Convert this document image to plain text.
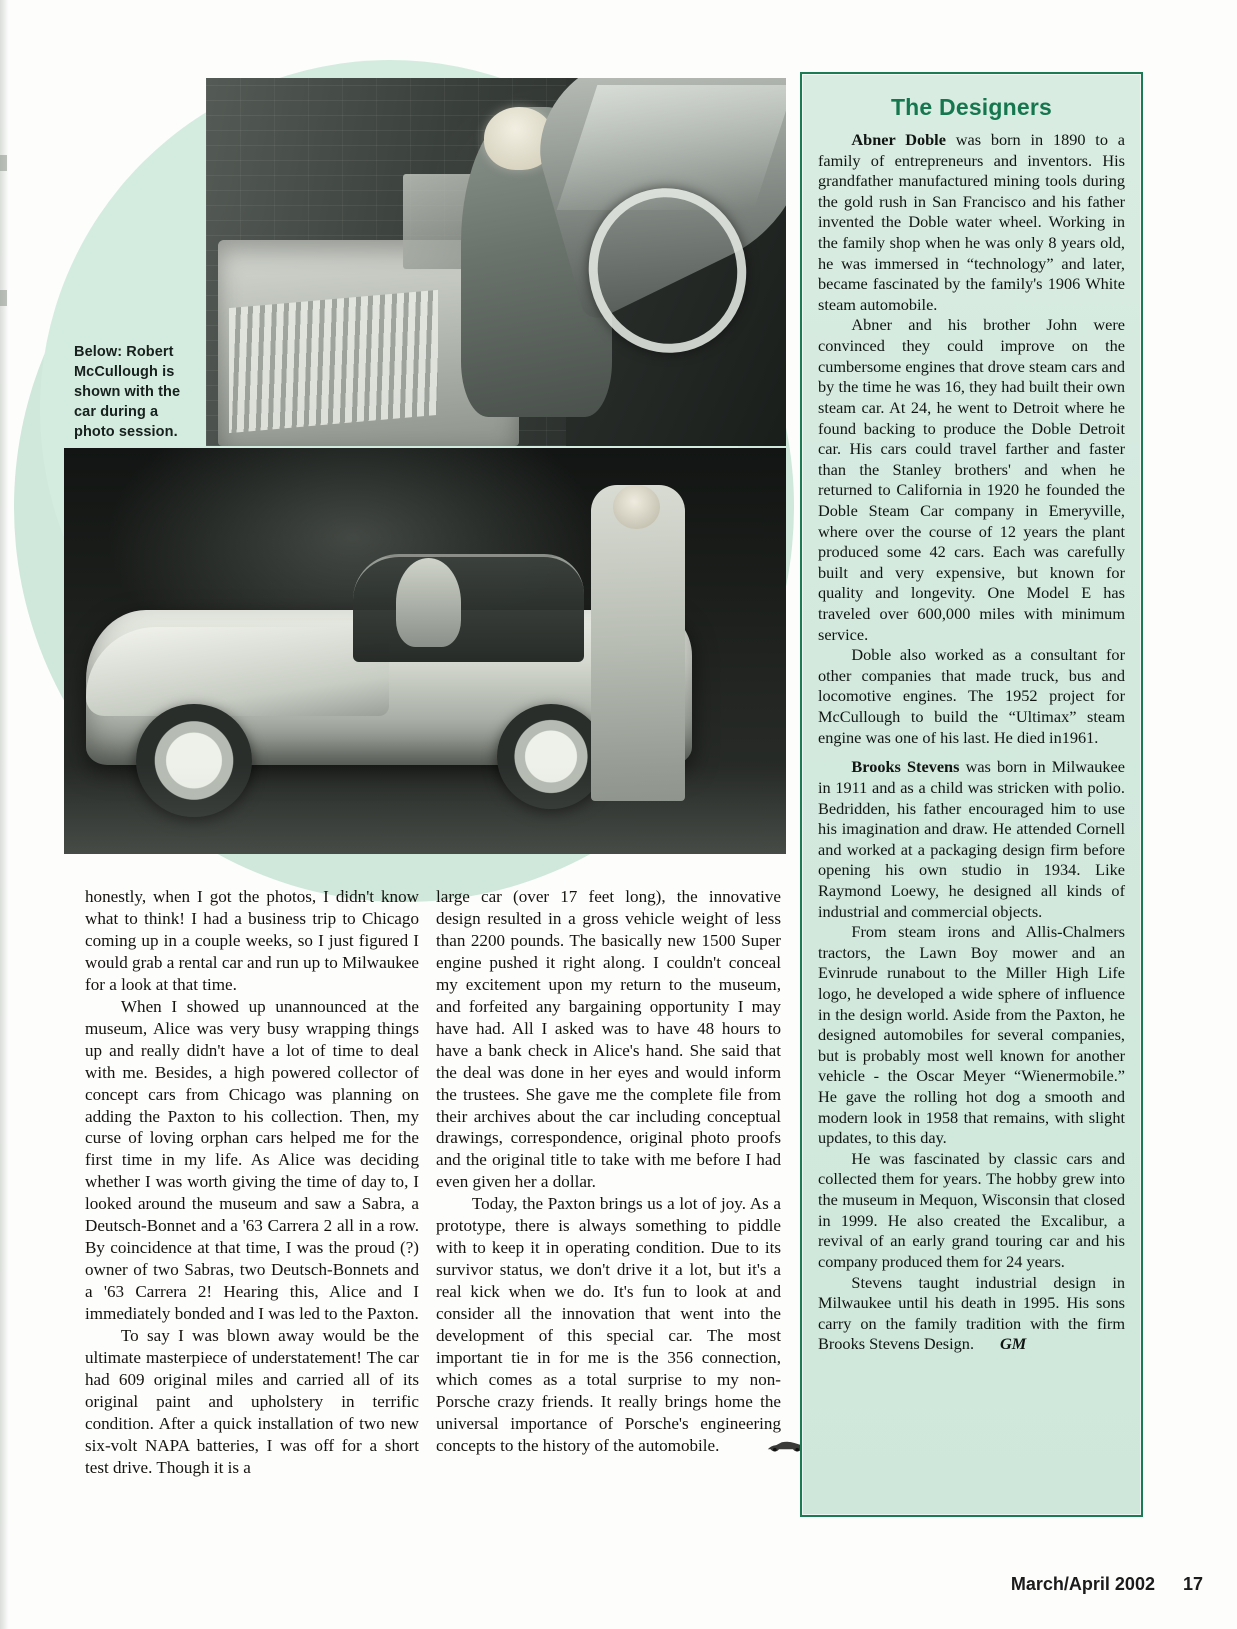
Below: Robert McCullough is shown with the car during a photo session.

honestly, when I got the photos, I didn't know what to think! I had a business trip to Chicago coming up in a couple weeks, so I just figured I would grab a rental car and run up to Milwaukee for a look at that time.

When I showed up unannounced at the museum, Alice was very busy wrapping things up and really didn't have a lot of time to deal with me. Besides, a high powered collector of concept cars from Chicago was planning on adding the Paxton to his collection. Then, my curse of loving orphan cars helped me for the first time in my life. As Alice was deciding whether I was worth giving the time of day to, I looked around the museum and saw a Sabra, a Deutsch-Bonnet and a '63 Carrera 2 all in a row. By coincidence at that time, I was the proud (?) owner of two Sabras, two Deutsch-Bonnets and a '63 Carrera 2! Hearing this, Alice and I immediately bonded and I was led to the Paxton.

To say I was blown away would be the ultimate masterpiece of understatement! The car had 609 original miles and carried all of its original paint and upholstery in terrific condition. After a quick installation of two new six-volt NAPA batteries, I was off for a short test drive. Though it is a

large car (over 17 feet long), the innovative design resulted in a gross vehicle weight of less than 2200 pounds. The basically new 1500 Super engine pushed it right along. I couldn't conceal my excitement upon my return to the museum, and forfeited any bargaining opportunity I may have had. All I asked was to have 48 hours to have a bank check in Alice's hand. She said that the deal was done in her eyes and would inform the trustees. She gave me the complete file from their archives about the car including conceptual drawings, correspondence, original photo proofs and the original title to take with me before I had even given her a dollar.

Today, the Paxton brings us a lot of joy. As a prototype, there is always something to piddle with to keep it in operating condition. Due to its survivor status, we don't drive it a lot, but it's a real kick when we do. It's fun to look at and consider all the innovation that went into the development of this special car. The most important tie in for me is the 356 connection, which comes as a total surprise to my non-Porsche crazy friends. It really brings home the universal importance of Porsche's engineering concepts to the history of the automobile.

The Designers

Abner Doble was born in 1890 to a family of entrepreneurs and inventors. His grandfather manufactured mining tools during the gold rush in San Francisco and his father invented the Doble water wheel. Working in the family shop when he was only 8 years old, he was immersed in “technology” and later, became fascinated by the family's 1906 White steam automobile.

Abner and his brother John were convinced they could improve on the cumbersome engines that drove steam cars and by the time he was 16, they had built their own steam car. At 24, he went to Detroit where he found backing to produce the Doble Detroit car. His cars could travel farther and faster than the Stanley brothers' and when he returned to California in 1920 he founded the Doble Steam Car company in Emeryville, where over the course of 12 years the plant produced some 42 cars. Each was carefully built and very expensive, but known for quality and longevity. One Model E has traveled over 600,000 miles with minimum service.

Doble also worked as a consultant for other companies that made truck, bus and locomotive engines. The 1952 project for McCullough to build the “Ultimax” steam engine was one of his last. He died in1961.

Brooks Stevens was born in Milwaukee in 1911 and as a child was stricken with polio. Bedridden, his father encouraged him to use his imagination and draw. He attended Cornell and worked at a packaging design firm before opening his own studio in 1934. Like Raymond Loewy, he designed all kinds of industrial and commercial objects.

From steam irons and Allis-Chalmers tractors, the Lawn Boy mower and an Evinrude runabout to the Miller High Life logo, he developed a wide sphere of influence in the design world. Aside from the Paxton, he designed automobiles for several companies, but is probably most well known for another vehicle - the Oscar Meyer “Wienermobile.” He gave the rolling hot dog a smooth and modern look in 1958 that remains, with slight updates, to this day.

He was fascinated by classic cars and collected them for years. The hobby grew into the museum in Mequon, Wisconsin that closed in 1999. He also created the Excalibur, a revival of an early grand touring car and his company produced them for 24 years.

Stevens taught industrial design in Milwaukee until his death in 1995. His sons carry on the family tradition with the firm Brooks Stevens Design. GM

March/April 2002 17
